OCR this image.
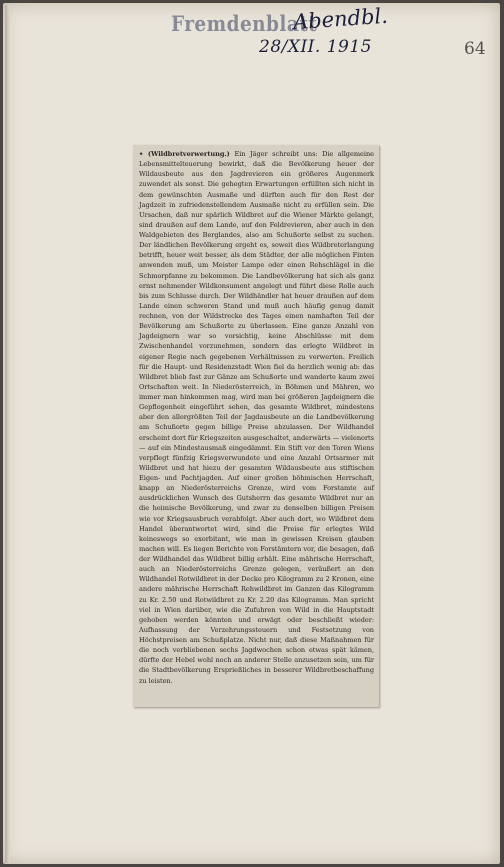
Fremdenblatt
Abendbl.
28/XII. 1915	64
• (Wildbretverwertung.) Ein Jäger schreibt uns: Die allgemeine Lebensmittelteuerung bewirkt, daß die Bevölkerung heuer der Wildausbeute aus den Jagdrevieren ein größeres Augenmerk zuwendet als sonst. Die gehegten Erwartungen erfüllten sich nicht in dem gewünschten Ausmaße und dürften auch für den Rest der Jagdzeit in zufriedenstellendem Ausmaße nicht zu erfüllen sein. Die Ursachen, daß nur spärlich Wildbret auf die Wiener Märkte gelangt, sind draußen auf dem Lande, auf den Feldrevieren, aber auch in den Waldgebieten des Berglandes, also am Schußorte selbst zu suchen. Der ländlichen Bevölkerung ergeht es, soweit dies Wildbreterlangung betrifft, heuer weit besser, als dem Städter, der alle möglichen Finten anwenden muß, um Meister Lampe oder einen Rehschlägel in die Schmorpfanne zu bekommen. Die Landbevölkerung hat sich als ganz ernst nehmender Wildkonsument angelegt und führt diese Rolle auch bis zum Schlusse durch. Der Wildhändler hat heuer draußen auf dem Lande einen schweren Stand und muß auch häufig genug damit rechnen, von der Wildstrecke des Tages einen namhaften Teil der Bevölkerung am Schußorte zu überlassen. Eine ganze Anzahl von Jagdeignern war so vorsichtig, keine Abschlüsse mit dem Zwischenhandel vorzunehmen, sondern das erlegte Wildbret in eigener Regie nach gegebenen Verhältnissen zu verwerten. Freilich für die Haupt- und Residenzstadt Wien fiel da herzlich wenig ab: das Wildbret blieb fast zur Gänze am Schußorte und wanderte kaum zwei Ortschaften weit. In Niederösterreich, in Böhmen und Mähren, wo immer man hinkommen mag, wird man bei größeren Jagdeignern die Gepflogenheit eingeführt sehen, das gesamte Wildbret, mindestens aber den allergrößten Teil der Jagdausbeute an die Landbevölkerung am Schußorte gegen billige Preise abzulassen. Der Wildhandel erscheint dort für Kriegszeiten ausgeschaltet, anderwärts — vielenorts — auf ein Mindestausmaß eingedämmt. Ein Stift vor den Toren Wiens verpflegt fünfzig Kriegsverwundete und eine Anzahl Ortsarmer mit Wildbret und hat hiezu der gesamten Wildausbeute aus stiftischen Eigen- und Pachtjagden. Auf einer großen böhmischen Herrschaft, knapp an Niederösterreichs Grenze, wird vom Forstamte auf ausdrücklichen Wunsch des Gutsherrn das gesamte Wildbret nur an die heimische Bevölkerung, und zwar zu denselben billigen Preisen wie vor Kriegsausbruch verabfolgt. Aber auch dort, wo Wildbret dem Handel überantwortet wird, sind die Preise für erlegtes Wild keineswegs so exorbitant, wie man in gewissen Kreisen glauben machen will. Es liegen Berichte von Forstämtern vor, die besagen, daß der Wildhandel das Wildbret billig erhält. Eine mährische Herrschaft, auch an Niederösterreichs Grenze gelegen, veräußert an den Wildhandel Rotwildbret in der Decke pro Kilogramm zu 2 Kronen, eine andere mährische Herrschaft Rehwildbret im Ganzen das Kilogramm zu Kr. 2.50 und Rotwildbret zu Kr. 2.20 das Kilogramm. Man spricht viel in Wien darüber, wie die Zufuhren von Wild in die Hauptstadt gehoben werden könnten und erwägt oder beschließt wieder: Aufhassung der Verzehrungssteuern und Festsetzung von Höchstpreisen am Schußplatze. Nicht nur, daß diese Maßnahmen für die noch verbliebenen sechs Jagdwochen schon etwas spät kämen, dürfte der Hebel wohl noch an anderer Stelle anzusetzen sein, um für die Stadtbevölkerung Ersprießliches in besserer Wildbretbeschaffung zu leisten.
